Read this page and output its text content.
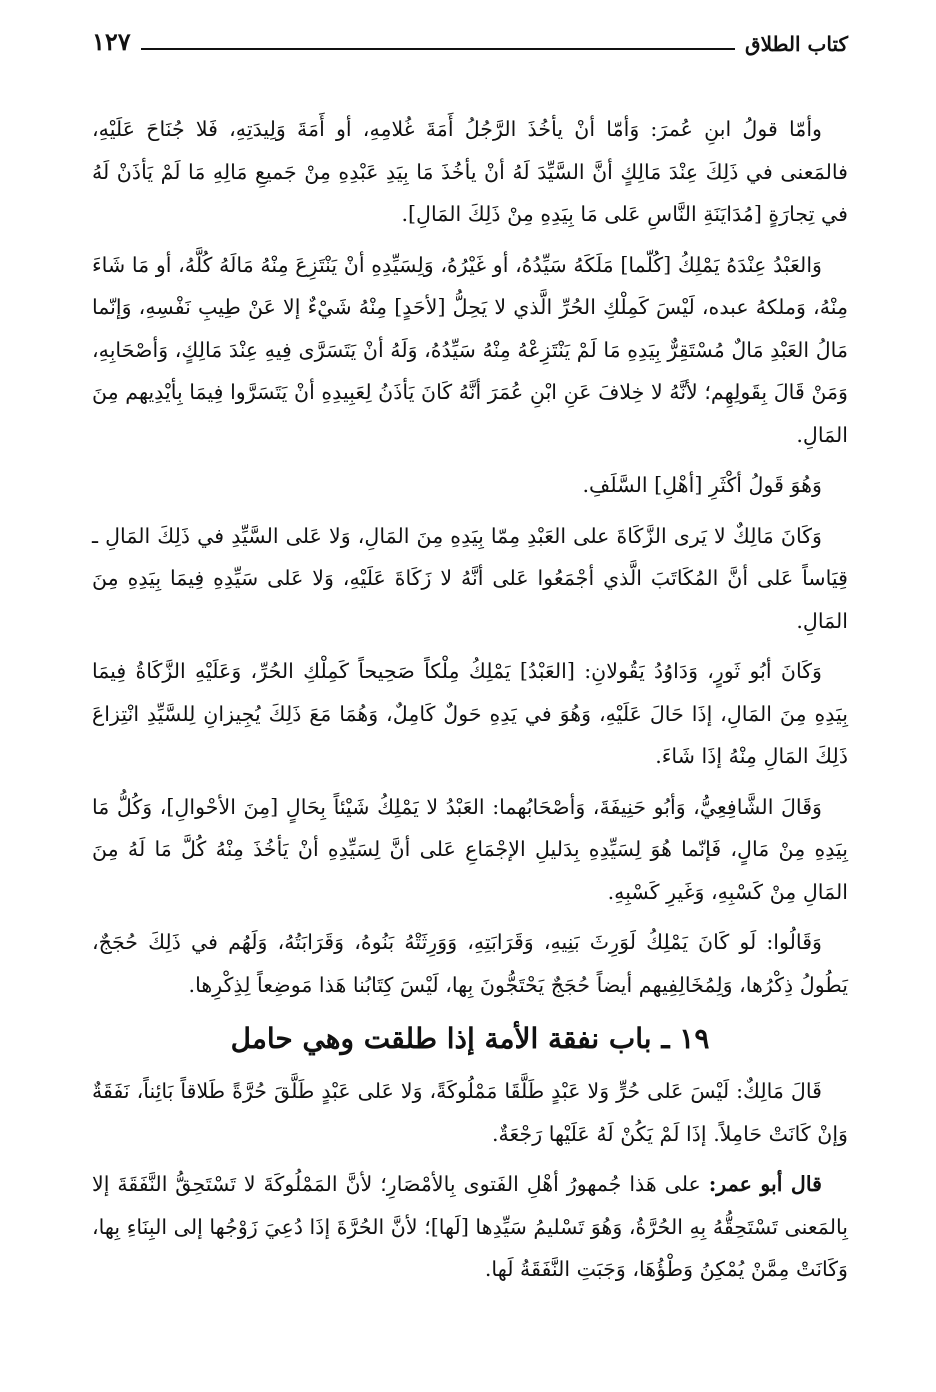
كتاب الطلاق
١٢٧

وأمّا قولُ ابنِ عُمرَ: وَأمّا أنْ يأخُذَ الرَّجُلُ أَمَةَ غُلامِهِ، أو أَمَةَ وَلِيدَتِهِ، فَلا جُنَاحَ عَلَيْهِ، فالمَعنى في ذَلِكَ عِنْدَ مَالِكٍ أنَّ السَّيِّدَ لَهُ أنْ يأخُذَ مَا بِيَدِ عَبْدِهِ مِنْ جَميعِ مَالِهِ مَا لَمْ يَأذَنْ لَهُ في تِجارَةٍ [مُدَايَنَةِ النَّاسِ عَلى مَا بِيَدِهِ مِنْ ذَلِكَ المَالِ].

وَالعَبْدُ عِنْدَهُ يَمْلِكُ [كُلّما] مَلَكَهُ سَيِّدُهُ، أو غَيْرُهُ، وَلِسَيِّدِهِ أنْ يَنْتَزِعَ مِنْهُ مَالَهُ كُلَّهُ، أو مَا شَاءَ مِنْهُ، وَملكهُ عبده، لَيْسَ كَمِلْكِ الحُرِّ الَّذي لا يَحِلُّ [لأحَدٍ] مِنْهُ شَيْءٌ إلا عَنْ طِيبِ نَفْسِهِ، وَإنّما مَالُ العَبْدِ مَالٌ مُسْتَقِرٌّ بِيَدِهِ مَا لَمْ يَنْتَزِعْهُ مِنْهُ سَيِّدُهُ، وَلَهُ أنْ يَتَسَرَّى فِيهِ عِنْدَ مَالِكٍ، وَأصْحَابِهِ، وَمَنْ قَالَ بِقَولِهِم؛ لأنَّهُ لا خِلافَ عَنِ ابْنِ عُمَرَ أنَّهُ كَانَ يَأذَنُ لِعَبِيدِهِ أنْ يَتَسَرَّوا فِيمَا بِأيْدِيهم مِنَ المَالِ.

وَهُوَ قَولُ أكْثَرِ [أهْلِ] السَّلَفِ.

وَكَانَ مَالِكٌ لا يَرى الزَّكَاةَ على العَبْدِ مِمّا بِيَدِهِ مِنَ المَالِ، وَلا عَلى السَّيِّدِ في ذَلِكَ المَالِ ـ قِيَاساً عَلى أنَّ المُكَاتَبَ الَّذي أجْمَعُوا عَلى أنَّهُ لا زَكَاةَ عَلَيْهِ، وَلا عَلى سَيِّدِهِ فِيمَا بِيَدِهِ مِنَ المَالِ.

وَكَانَ أبُو ثَورٍ، وَدَاوُدُ يَقُولانِ: [العَبْدُ] يَمْلِكُ مِلْكاً صَحِيحاً كَمِلْكِ الحُرِّ، وَعَلَيْهِ الزَّكَاةُ فِيمَا بِيَدِهِ مِنَ المَالِ، إذَا حَالَ عَلَيْهِ، وَهُوَ في يَدِهِ حَولٌ كَامِلٌ، وَهُمَا مَعَ ذَلِكَ يُجِيزانِ لِلسَّيِّدِ انْتِزاعَ ذَلِكَ المَالِ مِنْهُ إذَا شَاءَ.

وَقَالَ الشَّافِعِيُّ، وَأبُو حَنِيفَةَ، وَأصْحَابُهما: العَبْدُ لا يَمْلِكُ شَيْئاً بِحَالٍ [مِنَ الأحْوالِ]، وَكُلُّ مَا بِيَدِهِ مِنْ مَالٍ، فَإنّما هُوَ لِسَيِّدِهِ بِدَليلِ الإجْمَاعِ عَلى أنَّ لِسَيِّدِهِ أنْ يَأخُذَ مِنْهُ كُلَّ مَا لَهُ مِنَ المَالِ مِنْ كَسْبِهِ، وَغَيرِ كَسْبِهِ.

وَقَالُوا: لَو كَانَ يَمْلِكُ لَوَرِثَ بَنِيهِ، وَقَرَابَتِهِ، وَوَرِثَتْهُ بَنُوهُ، وَقَرَابَتُهُ، وَلَهُم في ذَلِكَ حُجَجٌ، يَطُولُ ذِكْرُها، وَلِمُخَالِفِيهم أيضاً حُجَجٌ يَحْتَجُّونَ بِها، لَيْسَ كِتَابُنا هَذا مَوضِعاً لِذِكْرِها.

١٩ ـ باب نفقة الأمة إذا طلقت وهي حامل

قَالَ مَالِكٌ: لَيْسَ عَلى حُرٍّ وَلا عَبْدٍ طَلَّقَا مَمْلُوكَةً، وَلا عَلى عَبْدٍ طَلَّقَ حُرَّةً طَلاقاً بَائِناً، نَفَقَةٌ وَإنْ كَانَتْ حَامِلاً. إذَا لَمْ يَكُنْ لَهُ عَلَيْها رَجْعَةٌ.

قال أبو عمر: على هَذا جُمهورُ أهْلِ الفَتوى بِالأمْصَارِ؛ لأنَّ المَمْلُوكَةَ لا تَسْتَحِقُّ النَّفَقَةَ إلا بِالمَعنى تَسْتَحِقُّهُ بِهِ الحُرَّةُ، وَهُوَ تَسْليمُ سَيِّدِها [لَها]؛ لأنَّ الحُرَّةَ إذَا دُعِيَ زَوْجُها إلى البِنَاءِ بِها، وَكَانَتْ مِمَّنْ يُمْكِنُ وَطْؤُهَا، وَجَبَتِ النَّفَقَةُ لَها.
